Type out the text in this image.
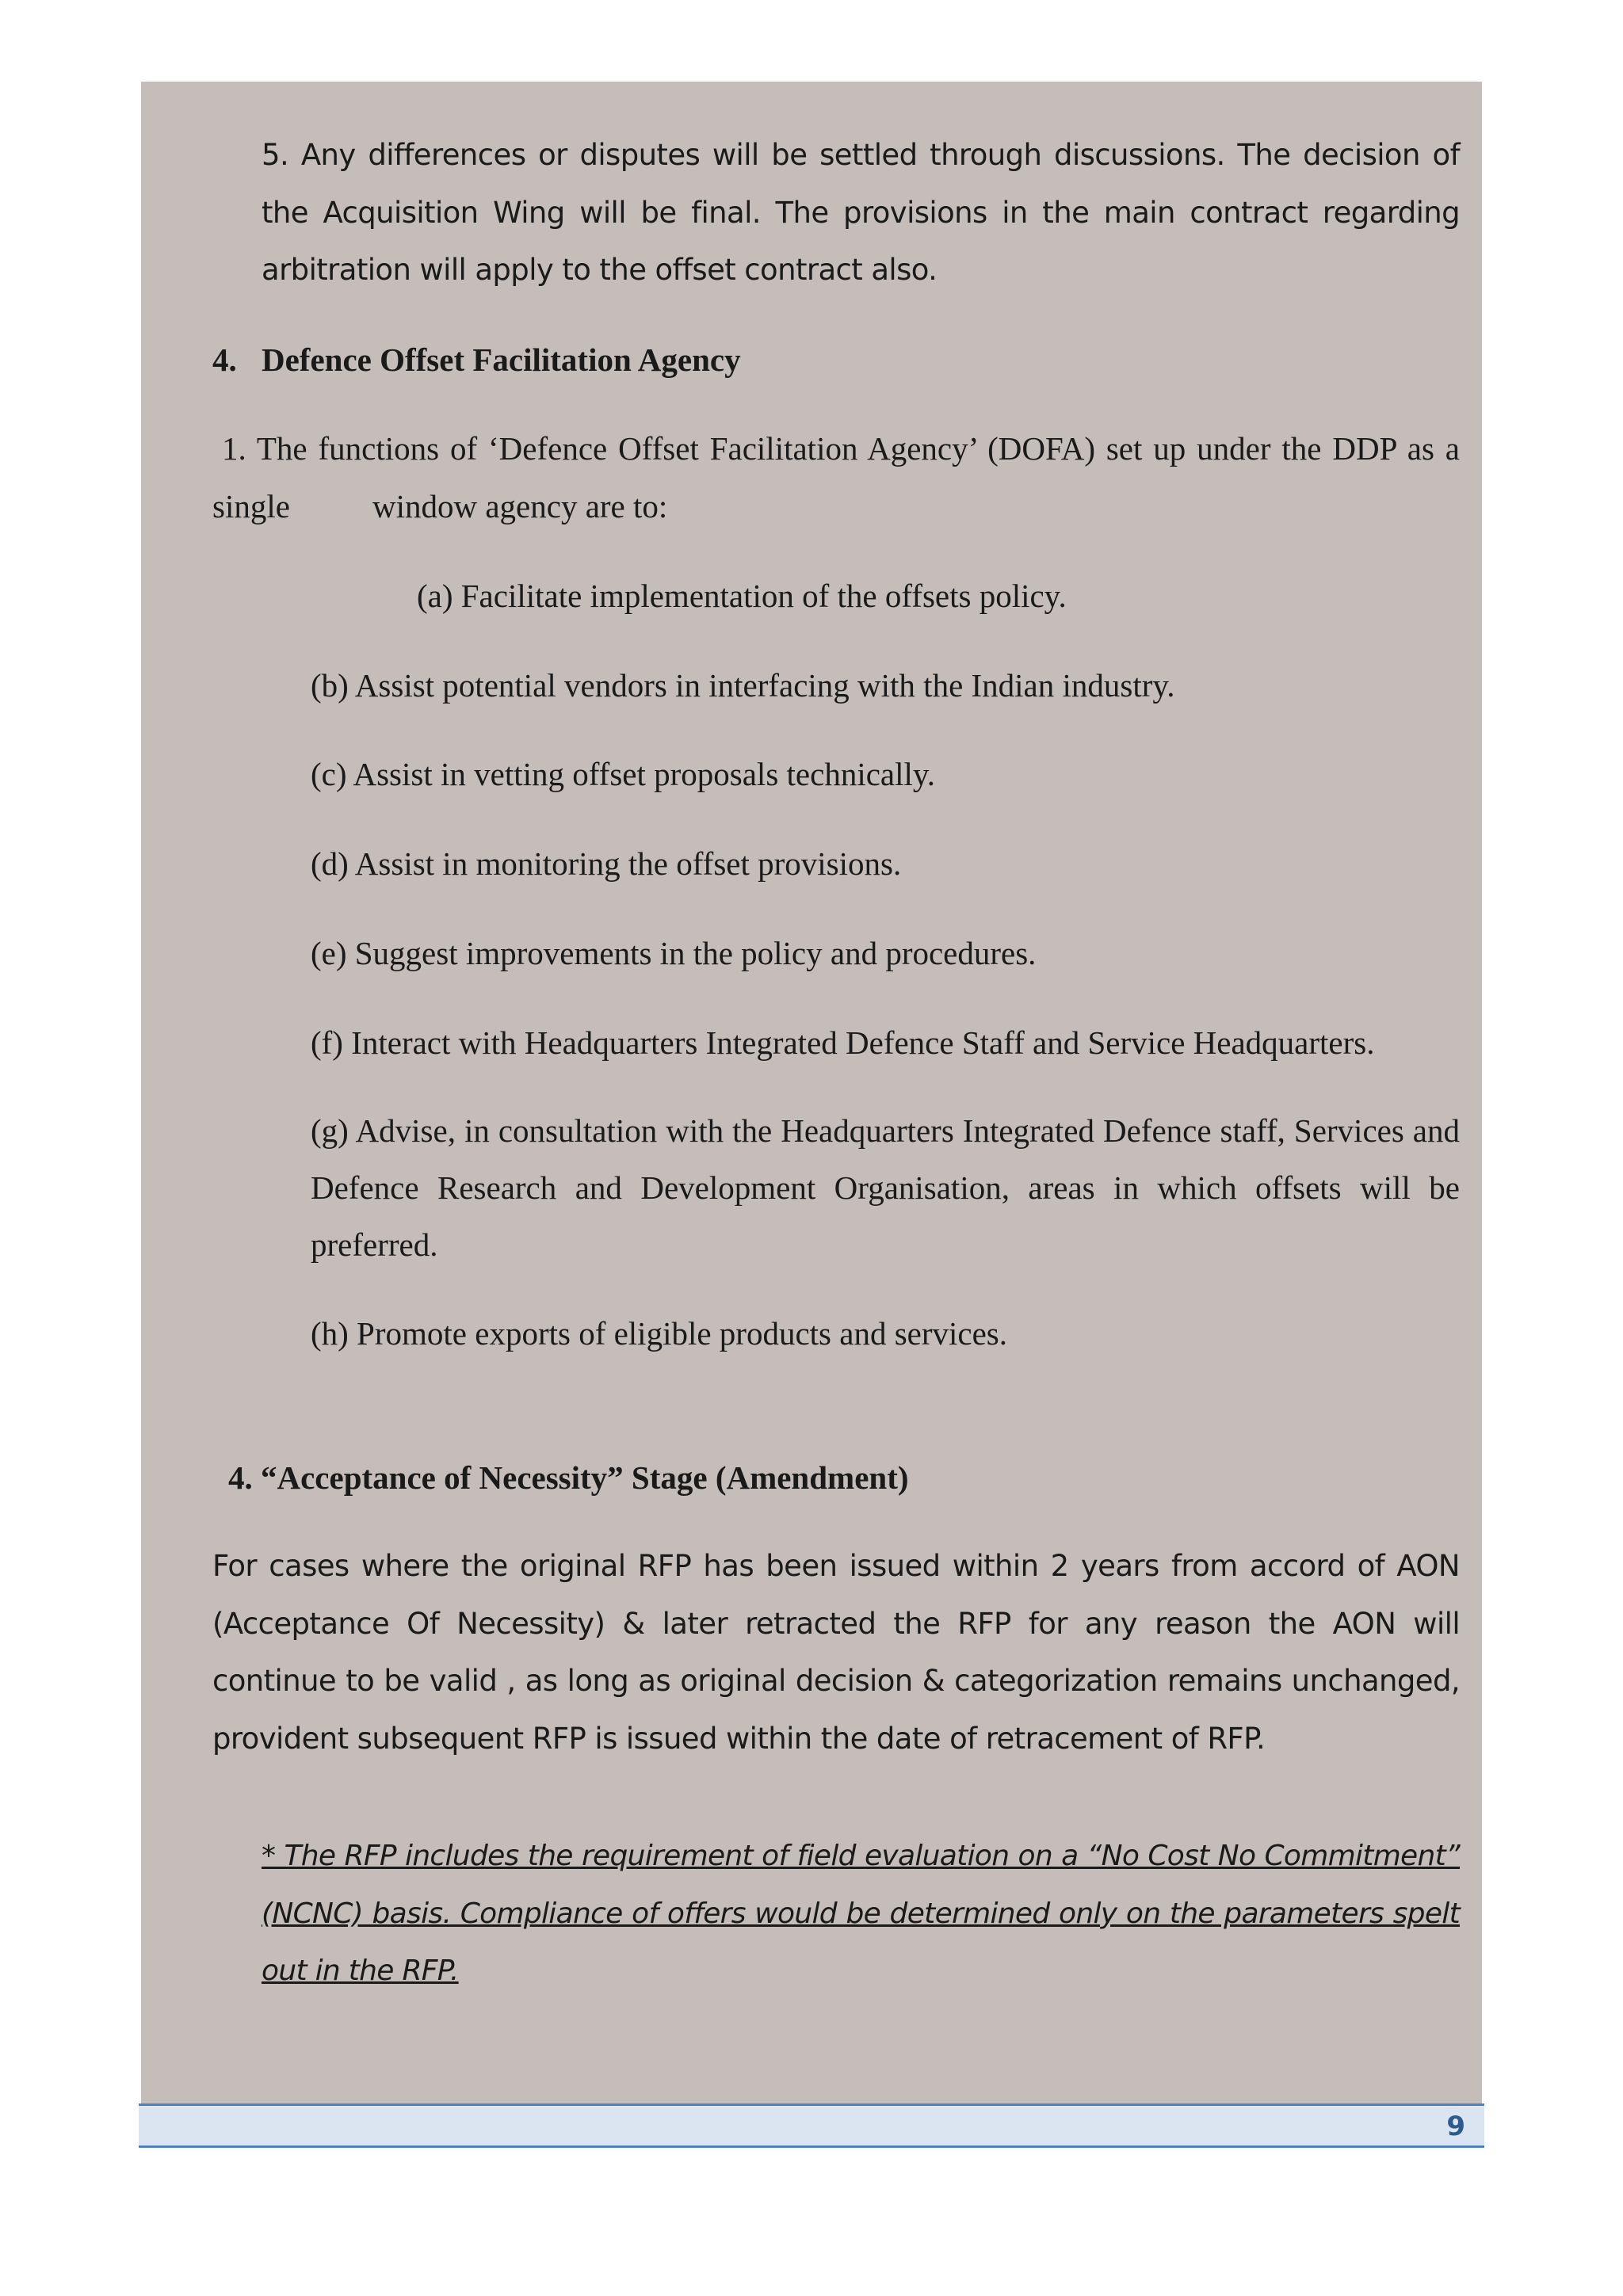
5. Any differences or disputes will be settled through discussions. The decision of the Acquisition Wing will be final. The provisions in the main contract regarding arbitration will apply to the offset contract also.
4. Defence Offset Facilitation Agency
1. The functions of ‘Defence Offset Facilitation Agency’ (DOFA) set up under the DDP as a
single	window agency are to:
(a) Facilitate implementation of the offsets policy.
(b) Assist potential vendors in interfacing with the Indian industry.
(c) Assist in vetting offset proposals technically.
(d) Assist in monitoring the offset provisions.
(e) Suggest improvements in the policy and procedures.
(f) Interact with Headquarters Integrated Defence Staff and Service Headquarters.
(g) Advise, in consultation with the Headquarters Integrated Defence staff, Services and Defence Research and Development Organisation, areas in which offsets will be preferred.
(h) Promote exports of eligible products and services.
4. “Acceptance of Necessity” Stage (Amendment)
For cases where the original RFP has been issued within 2 years from accord of AON (Acceptance Of Necessity) & later retracted the RFP for any reason the AON will continue to be valid , as long as original decision & categorization remains unchanged, provident subsequent RFP is issued within the date of retracement of RFP.
* The RFP includes the requirement of field evaluation on a “No Cost No Commitment” (NCNC) basis. Compliance of offers would be determined only on the parameters spelt out in the RFP.
9
